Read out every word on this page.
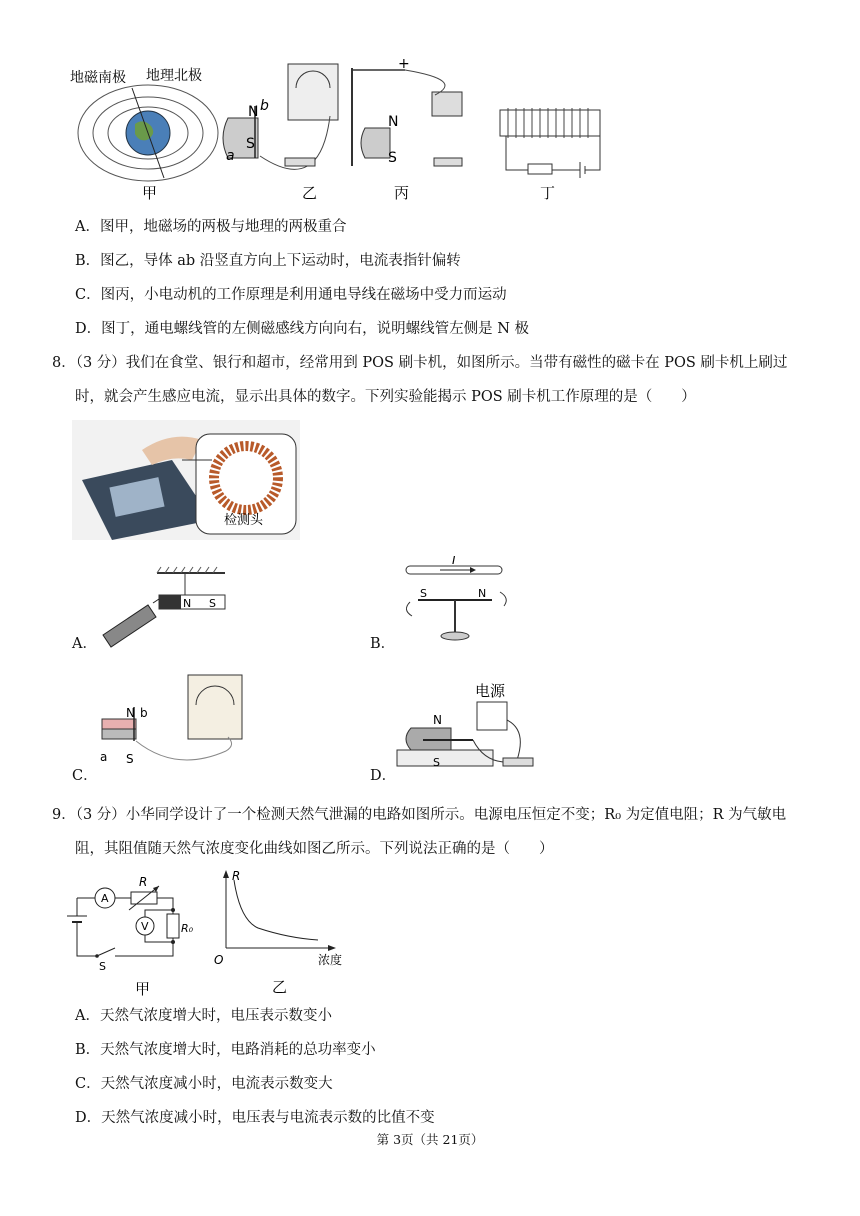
地磁南极 地理北极
甲
N b
S
a
乙
+
N
S
丙	丁
A．图甲，地磁场的两极与地理的两极重合
B．图乙，导体 ab 沿竖直方向上下运动时，电流表指针偏转
C．图丙，小电动机的工作原理是利用通电导线在磁场中受力而运动
D．图丁，通电螺线管的左侧磁感线方向向右，说明螺线管左侧是 N 极
8．（3 分）我们在食堂、银行和超市，经常用到 POS 刷卡机，如图所示。当带有磁性的磁卡在 POS 刷卡机上刷过
时，就会产生感应电流，显示出具体的数字。下列实验能揭示 POS 刷卡机工作原理的是（　　）
检测头
A．
N S
B．
I
S	N
C．
N b
a S
D．
电源
N
S
9．（3 分）小华同学设计了一个检测天然气泄漏的电路如图所示。电源电压恒定不变；R₀ 为定值电阻；R 为气敏电
阻，其阻值随天然气浓度变化曲线如图乙所示。下列说法正确的是（　　）
S
A
R
R₀
V
甲
R
O	浓度
乙
A．天然气浓度增大时，电压表示数变小
B．天然气浓度增大时，电路消耗的总功率变小
C．天然气浓度减小时，电流表示数变大
D．天然气浓度减小时，电压表与电流表示数的比值不变
第 3页（共 21页）
